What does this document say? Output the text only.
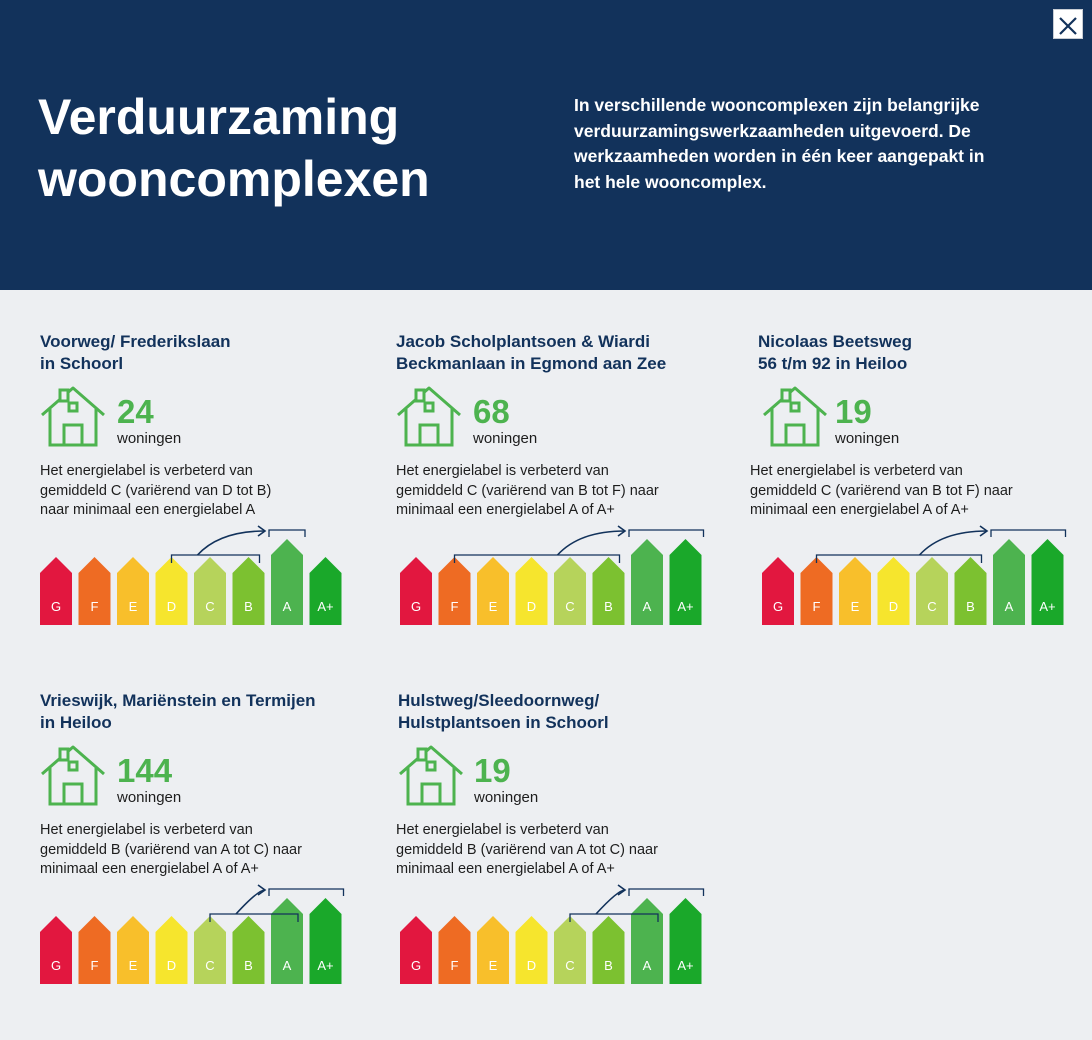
Verduurzaming wooncomplexen

In verschillende wooncomplexen zijn belangrijke verduurzamingswerkzaamheden uitgevoerd. De werkzaamheden worden in één keer aangepakt in het hele wooncomplex.

Voorweg/ Frederikslaan
in Schoorl
24
woningen

Het energielabel is verbeterd van
gemiddeld C (variërend van D tot B)
naar minimaal een energielabel A

G F E D C B A A+
Jacob Scholplantsoen & Wiardi
Beckmanlaan in Egmond aan Zee
68
woningen

Het energielabel is verbeterd van
gemiddeld C (variërend van B tot F) naar
minimaal een energielabel A of A+

G F E D C B A A+
Nicolaas Beetsweg
56 t/m 92 in Heiloo
19
woningen

Het energielabel is verbeterd van
gemiddeld C (variërend van B tot F) naar
minimaal een energielabel A of A+

G F E D C B A A+
Vrieswijk, Mariënstein en Termijen
in Heiloo
144
woningen

Het energielabel is verbeterd van
gemiddeld B (variërend van A tot C) naar
minimaal een energielabel A of A+

G F E D C B A A+
Hulstweg/Sleedoornweg/
Hulstplantsoen in Schoorl
19
woningen

Het energielabel is verbeterd van
gemiddeld B (variërend van A tot C) naar
minimaal een energielabel A of A+

G F E D C B A A+
